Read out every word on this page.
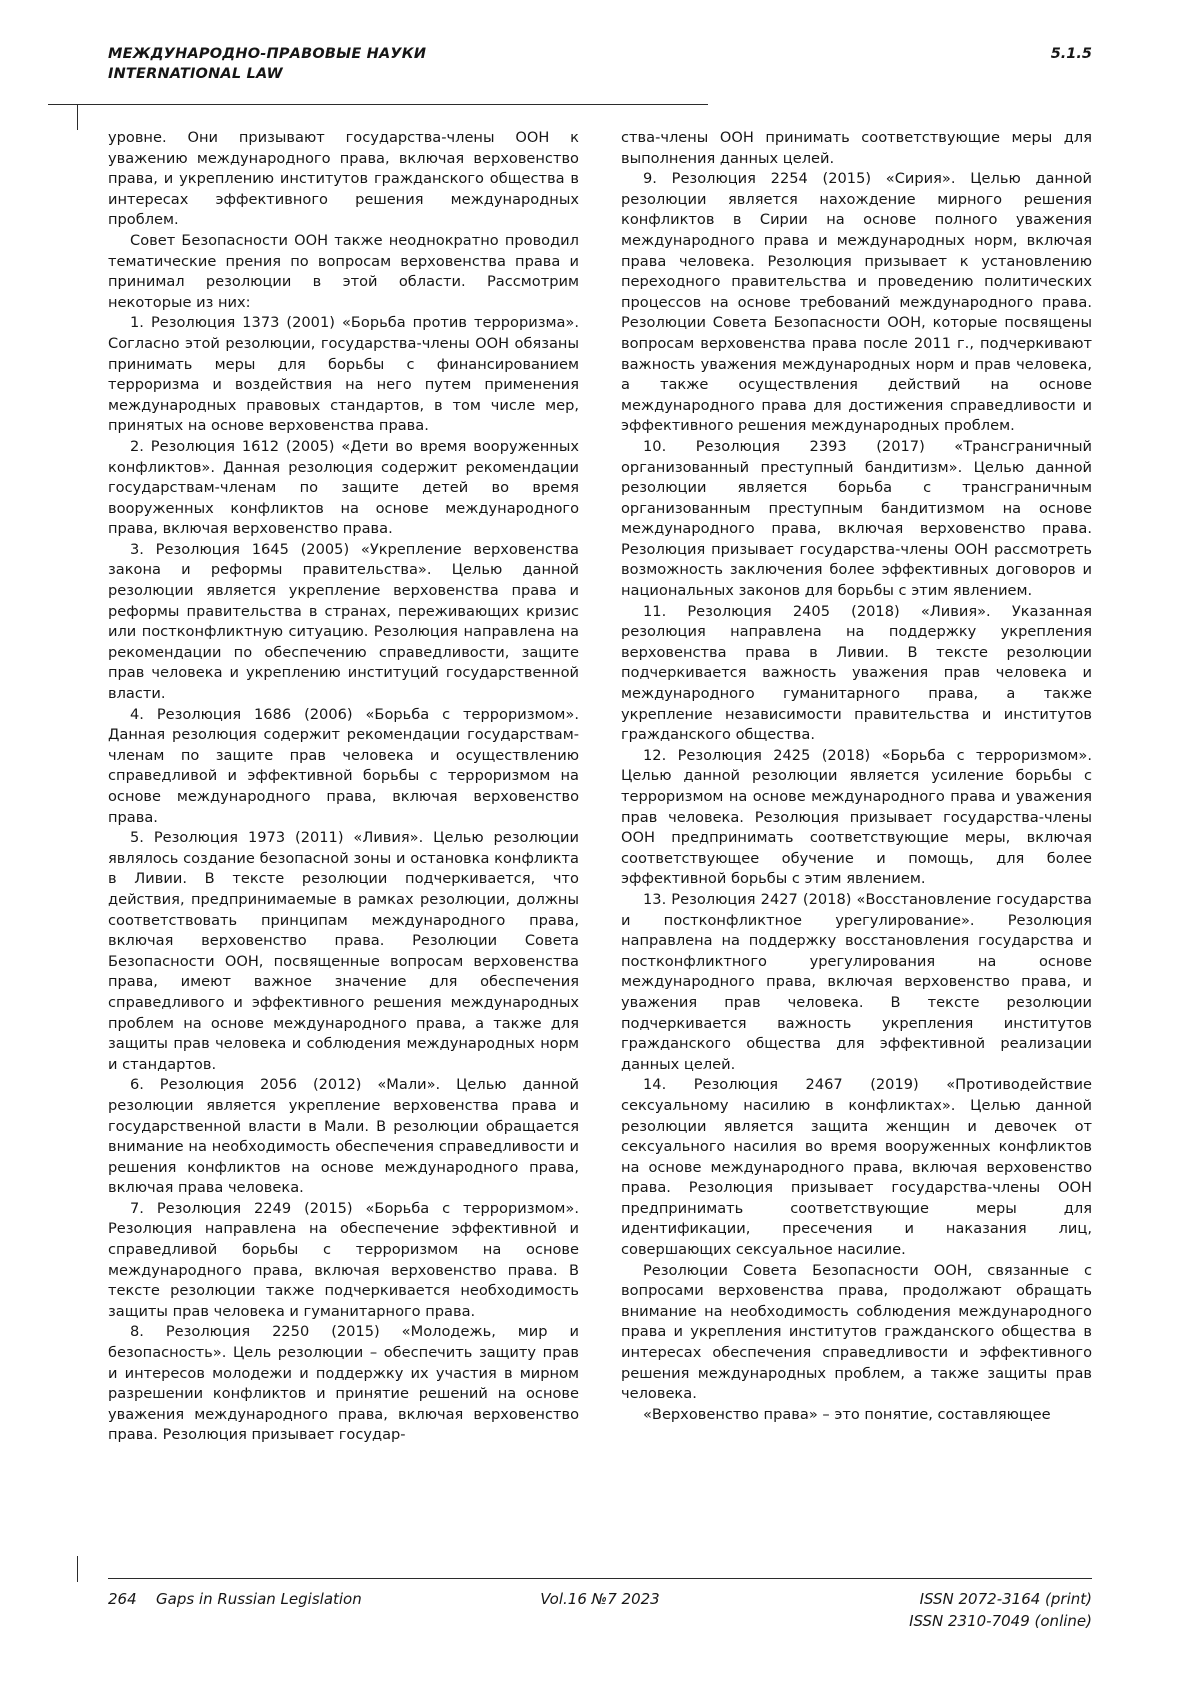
МЕЖДУНАРОДНО-ПРАВОВЫЕ НАУКИ
INTERNATIONAL LAW
5.1.5

уровне. Они призывают государства-члены ООН к уважению международного права, включая верховенство права, и укреплению институтов гражданского общества в интересах эффективного решения международных проблем.

Совет Безопасности ООН также неоднократно проводил тематические прения по вопросам верховенства права и принимал резолюции в этой области. Рассмотрим некоторые из них:

1. Резолюция 1373 (2001) «Борьба против терроризма». Согласно этой резолюции, государства-члены ООН обязаны принимать меры для борьбы с финансированием терроризма и воздействия на него путем применения международных правовых стандартов, в том числе мер, принятых на основе верховенства права.

2. Резолюция 1612 (2005) «Дети во время вооруженных конфликтов». Данная резолюция содержит рекомендации государствам-членам по защите детей во время вооруженных конфликтов на основе международного права, включая верховенство права.

3. Резолюция 1645 (2005) «Укрепление верховенства закона и реформы правительства». Целью данной резолюции является укрепление верховенства права и реформы правительства в странах, переживающих кризис или постконфликтную ситуацию. Резолюция направлена на рекомендации по обеспечению справедливости, защите прав человека и укреплению институций государственной власти.

4. Резолюция 1686 (2006) «Борьба с терроризмом». Данная резолюция содержит рекомендации государствам-членам по защите прав человека и осуществлению справедливой и эффективной борьбы с терроризмом на основе международного права, включая верховенство права.

5. Резолюция 1973 (2011) «Ливия». Целью резолюции являлось создание безопасной зоны и остановка конфликта в Ливии. В тексте резолюции подчеркивается, что действия, предпринимаемые в рамках резолюции, должны соответствовать принципам международного права, включая верховенство права. Резолюции Совета Безопасности ООН, посвященные вопросам верховенства права, имеют важное значение для обеспечения справедливого и эффективного решения международных проблем на основе международного права, а также для защиты прав человека и соблюдения международных норм и стандартов.

6. Резолюция 2056 (2012) «Мали». Целью данной резолюции является укрепление верховенства права и государственной власти в Мали. В резолюции обращается внимание на необходимость обеспечения справедливости и решения конфликтов на основе международного права, включая права человека.

7. Резолюция 2249 (2015) «Борьба с терроризмом». Резолюция направлена на обеспечение эффективной и справедливой борьбы с терроризмом на основе международного права, включая верховенство права. В тексте резолюции также подчеркивается необходимость защиты прав человека и гуманитарного права.

8. Резолюция 2250 (2015) «Молодежь, мир и безопасность». Цель резолюции – обеспечить защиту прав и интересов молодежи и поддержку их участия в мирном разрешении конфликтов и принятие решений на основе уважения международного права, включая верховенство права. Резолюция призывает государ-

ства-члены ООН принимать соответствующие меры для выполнения данных целей.

9. Резолюция 2254 (2015) «Сирия». Целью данной резолюции является нахождение мирного решения конфликтов в Сирии на основе полного уважения международного права и международных норм, включая права человека. Резолюция призывает к установлению переходного правительства и проведению политических процессов на основе требований международного права. Резолюции Совета Безопасности ООН, которые посвящены вопросам верховенства права после 2011 г., подчеркивают важность уважения международных норм и прав человека, а также осуществления действий на основе международного права для достижения справедливости и эффективного решения международных проблем.

10. Резолюция 2393 (2017) «Трансграничный организованный преступный бандитизм». Целью данной резолюции является борьба с трансграничным организованным преступным бандитизмом на основе международного права, включая верховенство права. Резолюция призывает государства-члены ООН рассмотреть возможность заключения более эффективных договоров и национальных законов для борьбы с этим явлением.

11. Резолюция 2405 (2018) «Ливия». Указанная резолюция направлена на поддержку укрепления верховенства права в Ливии. В тексте резолюции подчеркивается важность уважения прав человека и международного гуманитарного права, а также укрепление независимости правительства и институтов гражданского общества.

12. Резолюция 2425 (2018) «Борьба с терроризмом». Целью данной резолюции является усиление борьбы с терроризмом на основе международного права и уважения прав человека. Резолюция призывает государства-члены ООН предпринимать соответствующие меры, включая соответствующее обучение и помощь, для более эффективной борьбы с этим явлением.

13. Резолюция 2427 (2018) «Восстановление государства и постконфликтное урегулирование». Резолюция направлена на поддержку восстановления государства и постконфликтного урегулирования на основе международного права, включая верховенство права, и уважения прав человека. В тексте резолюции подчеркивается важность укрепления институтов гражданского общества для эффективной реализации данных целей.

14. Резолюция 2467 (2019) «Противодействие сексуальному насилию в конфликтах». Целью данной резолюции является защита женщин и девочек от сексуального насилия во время вооруженных конфликтов на основе международного права, включая верховенство права. Резолюция призывает государства-члены ООН предпринимать соответствующие меры для идентификации, пресечения и наказания лиц, совершающих сексуальное насилие.

Резолюции Совета Безопасности ООН, связанные с вопросами верховенства права, продолжают обращать внимание на необходимость соблюдения международного права и укрепления институтов гражданского общества в интересах обеспечения справедливости и эффективного решения международных проблем, а также защиты прав человека.

«Верховенство права» – это понятие, составляющее

264 Gaps in Russian Legislation	Vol.16 №7 2023	ISSN 2072-3164 (print)
ISSN 2310-7049 (online)
